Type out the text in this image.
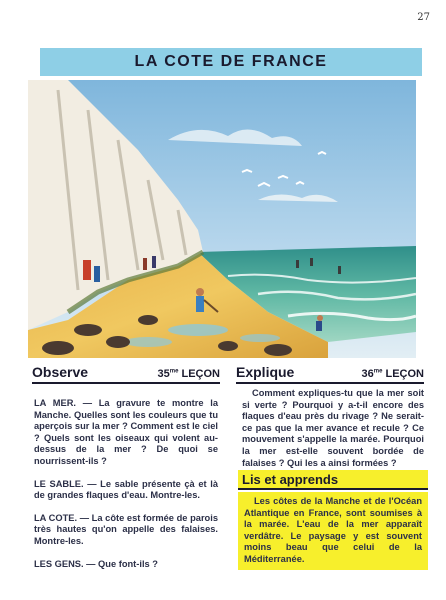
27
LA COTE DE FRANCE
Observe	$35^{me}$ LEÇON Explique	$36^{me}$ LEÇON

LA MER. — La gravure te montre la Manche. Quelles sont les couleurs que tu aperçois sur la mer ? Comment est le ciel ? Quels sont les oiseaux qui volent au-dessus de la mer ? De quoi se nourrissent-ils ?

LE SABLE. — Le sable présente çà et là de grandes flaques d'eau. Montre-les.

LA COTE. — La côte est formée de parois très hautes qu'on appelle des falaises. Montre-les.

LES GENS. — Que font-ils ?

Comment expliques-tu que la mer soit si verte ? Pourquoi y a-t-il encore des flaques d'eau près du rivage ? Ne serait-ce pas que la mer avance et recule ? Ce mouvement s'appelle la marée. Pourquoi la mer est-elle souvent bordée de falaises ? Qui les a ainsi formées ?

Lis et apprends

Les côtes de la Manche et de l'Océan Atlantique en France, sont soumises à la marée. L'eau de la mer apparaît verdâtre. Le paysage y est souvent moins beau que celui de la Méditerranée.
